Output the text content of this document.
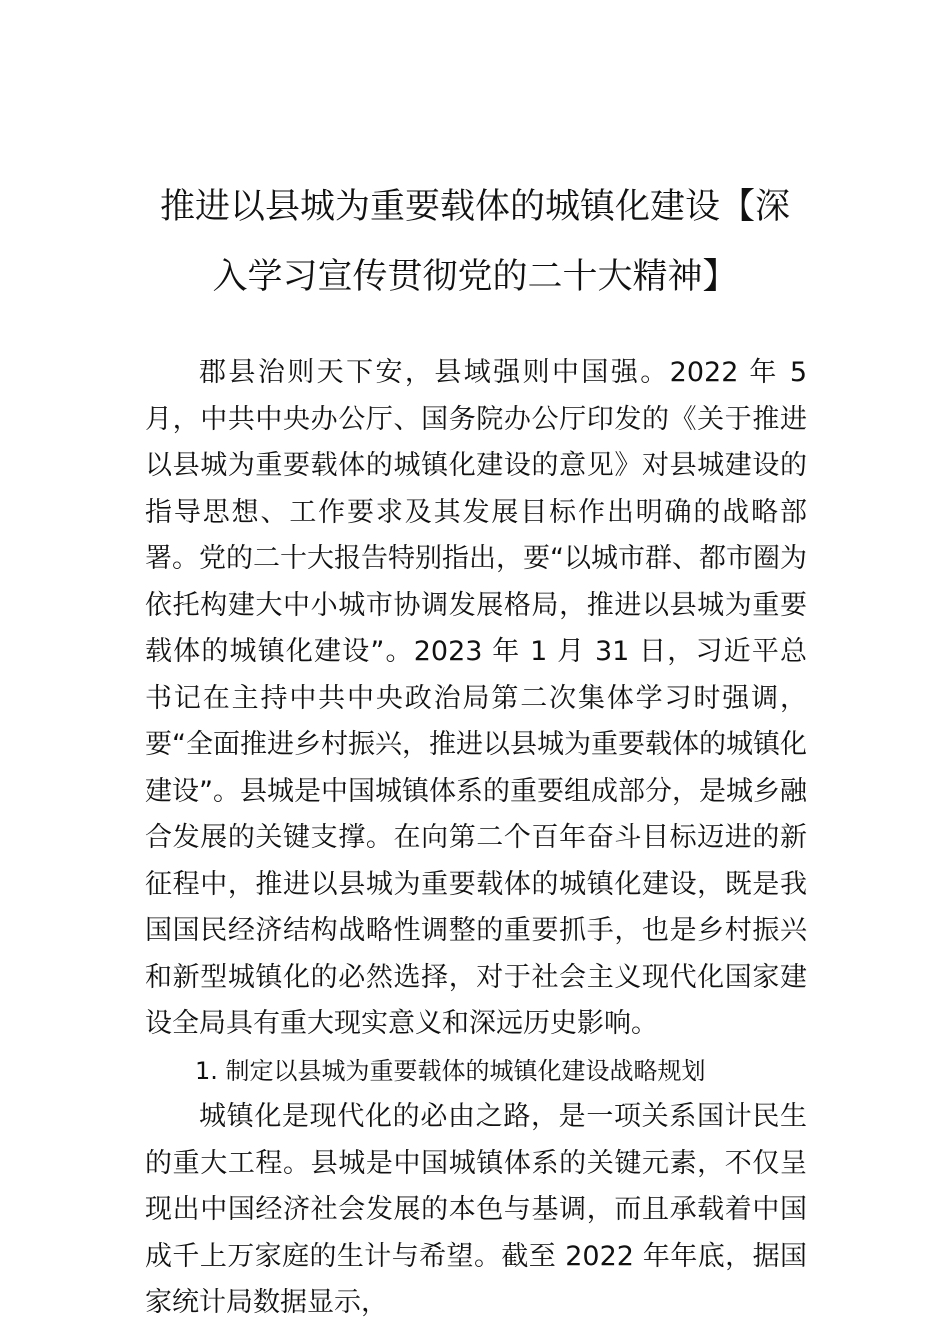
推进以县城为重要载体的城镇化建设【深
入学习宣传贯彻党的二十大精神】

郡县治则天下安，县域强则中国强。2022 年 5 月，中共中央办公厅、国务院办公厅印发的《关于推进以县城为重要载体的城镇化建设的意见》对县城建设的指导思想、工作要求及其发展目标作出明确的战略部署。党的二十大报告特别指出，要“以城市群、都市圈为依托构建大中小城市协调发展格局，推进以县城为重要载体的城镇化建设”。2023 年 1 月 31 日，习近平总书记在主持中共中央政治局第二次集体学习时强调，要“全面推进乡村振兴，推进以县城为重要载体的城镇化建设”。县城是中国城镇体系的重要组成部分，是城乡融合发展的关键支撑。在向第二个百年奋斗目标迈进的新征程中，推进以县城为重要载体的城镇化建设，既是我国国民经济结构战略性调整的重要抓手，也是乡村振兴和新型城镇化的必然选择，对于社会主义现代化国家建设全局具有重大现实意义和深远历史影响。

1. 制定以县城为重要载体的城镇化建设战略规划

城镇化是现代化的必由之路，是一项关系国计民生的重大工程。县城是中国城镇体系的关键元素，不仅呈现出中国经济社会发展的本色与基调，而且承载着中国成千上万家庭的生计与希望。截至 2022 年年底，据国家统计局数据显示，
